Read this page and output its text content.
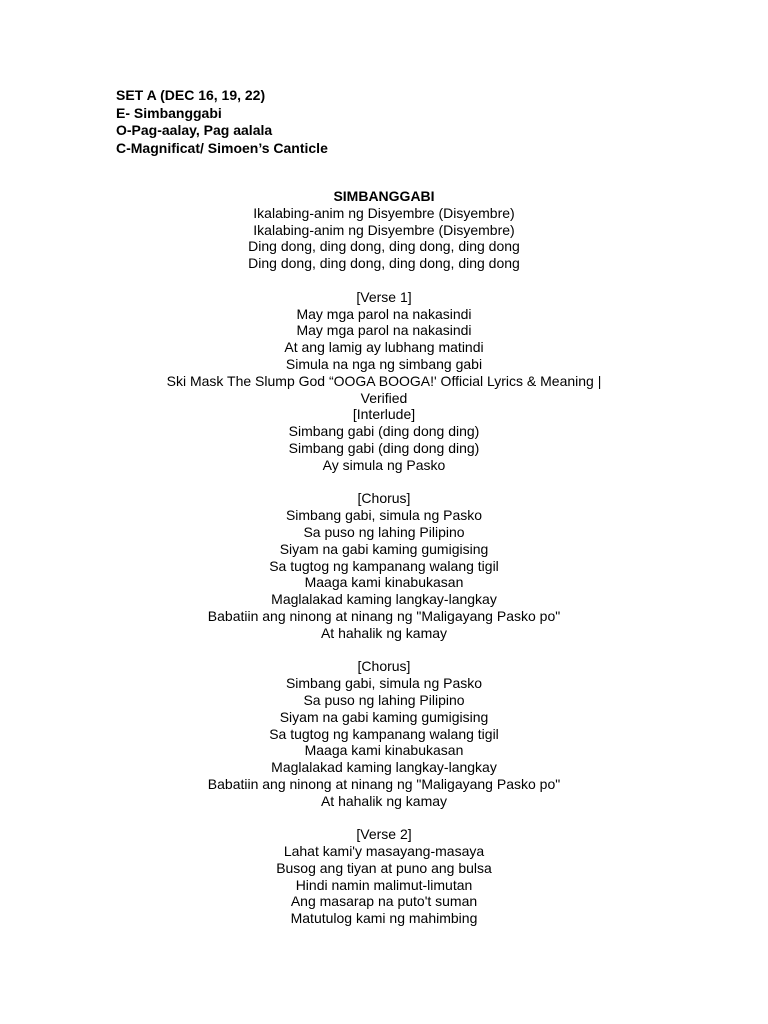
SET A (DEC 16, 19, 22)
E- Simbanggabi
O-Pag-aalay, Pag aalala
C-Magnificat/ Simoen’s Canticle
SIMBANGGABI
Ikalabing-anim ng Disyembre (Disyembre)
Ikalabing-anim ng Disyembre (Disyembre)
Ding dong, ding dong, ding dong, ding dong
Ding dong, ding dong, ding dong, ding dong
[Verse 1]
May mga parol na nakasindi
May mga parol na nakasindi
At ang lamig ay lubhang matindi
Simula na nga ng simbang gabi
Ski Mask The Slump God “OOGA BOOGA!' Official Lyrics & Meaning |
Verified
[Interlude]
Simbang gabi (ding dong ding)
Simbang gabi (ding dong ding)
Ay simula ng Pasko
[Chorus]
Simbang gabi, simula ng Pasko
Sa puso ng lahing Pilipino
Siyam na gabi kaming gumigising
Sa tugtog ng kampanang walang tigil
Maaga kami kinabukasan
Maglalakad kaming langkay-langkay
Babatiin ang ninong at ninang ng "Maligayang Pasko po"
At hahalik ng kamay
[Chorus]
Simbang gabi, simula ng Pasko
Sa puso ng lahing Pilipino
Siyam na gabi kaming gumigising
Sa tugtog ng kampanang walang tigil
Maaga kami kinabukasan
Maglalakad kaming langkay-langkay
Babatiin ang ninong at ninang ng "Maligayang Pasko po"
At hahalik ng kamay
[Verse 2]
Lahat kami'y masayang-masaya
Busog ang tiyan at puno ang bulsa
Hindi namin malimut-limutan
Ang masarap na puto't suman
Matutulog kami ng mahimbing
